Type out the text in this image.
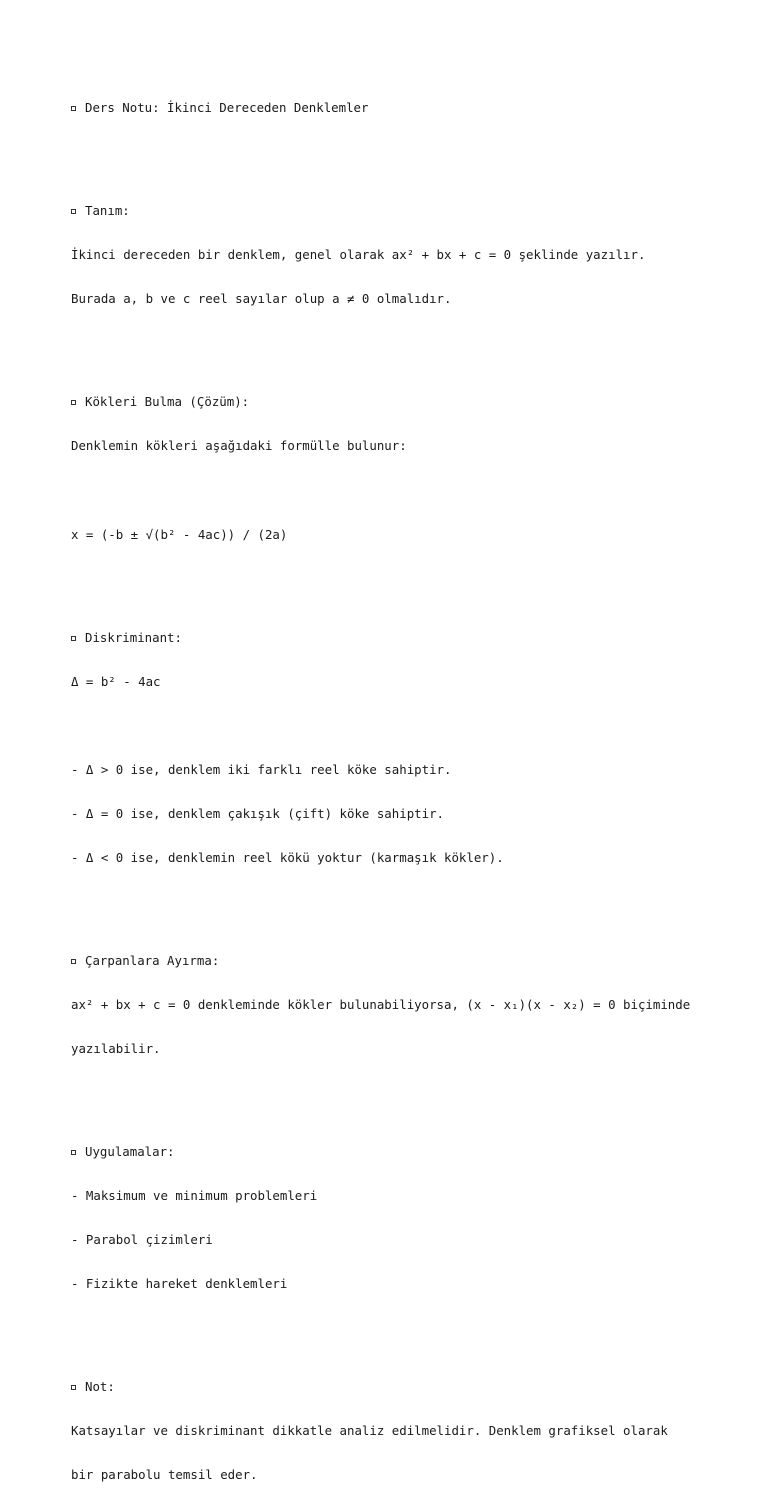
Ders Notu: İkinci Dereceden Denklemler

Tanım:

İkinci dereceden bir denklem, genel olarak ax² + bx + c = 0 şeklinde yazılır.

Burada a, b ve c reel sayılar olup a ≠ 0 olmalıdır.

Kökleri Bulma (Çözüm):

Denklemin kökleri aşağıdaki formülle bulunur:

x = (-b ± √(b² - 4ac)) / (2a)

Diskriminant:

Δ = b² - 4ac

- Δ > 0 ise, denklem iki farklı reel köke sahiptir.

- Δ = 0 ise, denklem çakışık (çift) köke sahiptir.

- Δ < 0 ise, denklemin reel kökü yoktur (karmaşık kökler).

Çarpanlara Ayırma:

ax² + bx + c = 0 denkleminde kökler bulunabiliyorsa, (x - x₁)(x - x₂) = 0 biçiminde

yazılabilir.

Uygulamalar:

- Maksimum ve minimum problemleri

- Parabol çizimleri

- Fizikte hareket denklemleri

Not:

Katsayılar ve diskriminant dikkatle analiz edilmelidir. Denklem grafiksel olarak

bir parabolu temsil eder.
